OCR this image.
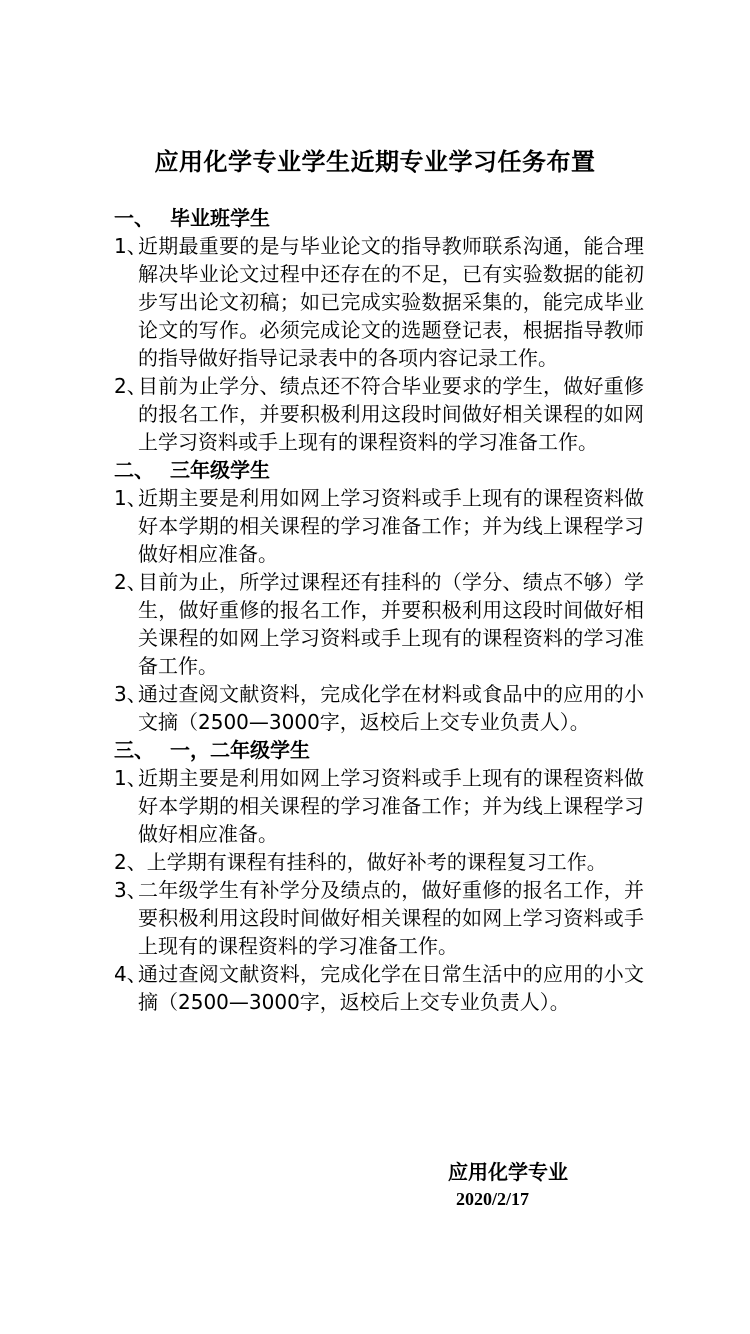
应用化学专业学生近期专业学习任务布置
一、 毕业班学生
1、
近期最重要的是与毕业论文的指导教师联系沟通，能合理解决毕业论文过程中还存在的不足，已有实验数据的能初步写出论文初稿；如已完成实验数据采集的，能完成毕业论文的写作。必须完成论文的选题登记表，根据指导教师的指导做好指导记录表中的各项内容记录工作。
2、
目前为止学分、绩点还不符合毕业要求的学生，做好重修的报名工作，并要积极利用这段时间做好相关课程的如网上学习资料或手上现有的课程资料的学习准备工作。
二、 三年级学生
1、
近期主要是利用如网上学习资料或手上现有的课程资料做好本学期的相关课程的学习准备工作；并为线上课程学习做好相应准备。
2、
目前为止，所学过课程还有挂科的（学分、绩点不够）学生，做好重修的报名工作，并要积极利用这段时间做好相关课程的如网上学习资料或手上现有的课程资料的学习准备工作。
3、
通过查阅文献资料，完成化学在材料或食品中的应用的小文摘（2500—3000字，返校后上交专业负责人）。
三、 一，二年级学生
1、
近期主要是利用如网上学习资料或手上现有的课程资料做好本学期的相关课程的学习准备工作；并为线上课程学习做好相应准备。
2、上学期有课程有挂科的，做好补考的课程复习工作。
3、
二年级学生有补学分及绩点的，做好重修的报名工作，并要积极利用这段时间做好相关课程的如网上学习资料或手上现有的课程资料的学习准备工作。
4、
通过查阅文献资料，完成化学在日常生活中的应用的小文摘（2500—3000字，返校后上交专业负责人）。
应用化学专业
2020/2/17
